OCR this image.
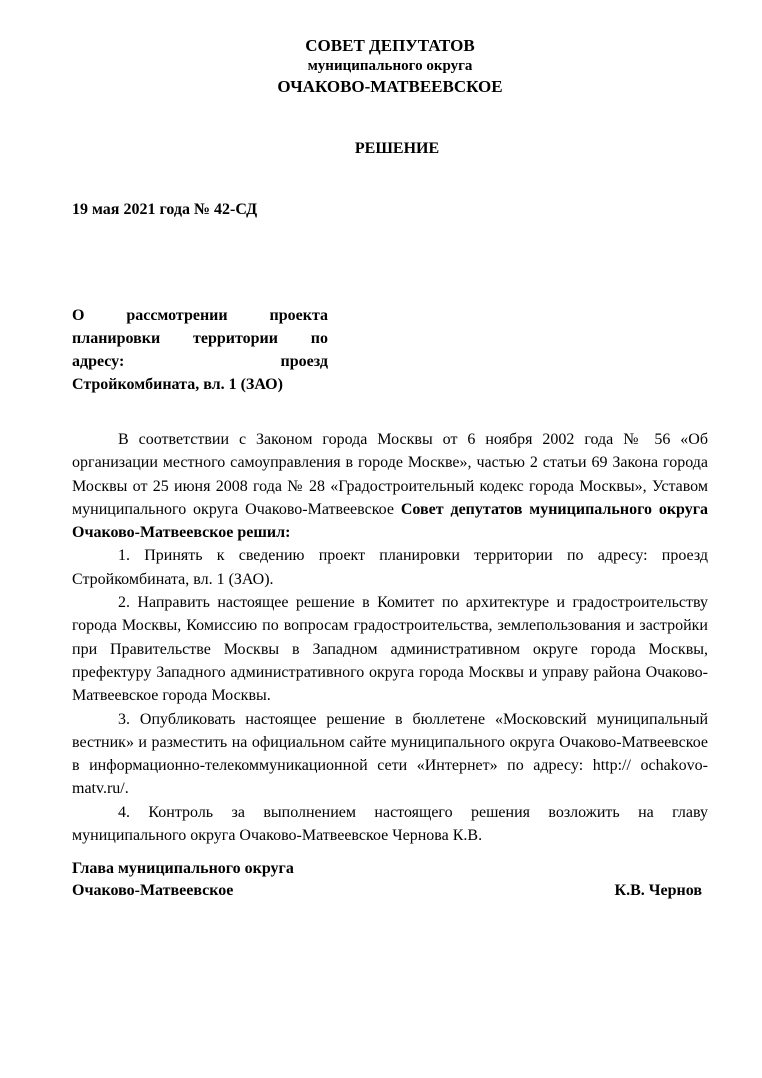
СОВЕТ ДЕПУТАТОВ
муниципального округа
ОЧАКОВО-МАТВЕЕВСКОЕ
РЕШЕНИЕ
19 мая 2021 года № 42-СД
О рассмотрении проекта
планировки территории по
адресу: проезд
Стройкомбината, вл. 1 (ЗАО)

В соответствии с Законом города Москвы от 6 ноября 2002 года № 56 «Об организации местного самоуправления в городе Москве», частью 2 статьи 69 Закона города Москвы от 25 июня 2008 года № 28 «Градостроительный кодекс города Москвы», Уставом муниципального округа Очаково-Матвеевское Совет депутатов муниципального округа Очаково-Матвеевское решил:

1. Принять к сведению проект планировки территории по адресу: проезд Стройкомбината, вл. 1 (ЗАО).

2. Направить настоящее решение в Комитет по архитектуре и градостроительству города Москвы, Комиссию по вопросам градостроительства, землепользования и застройки при Правительстве Москвы в Западном административном округе города Москвы, префектуру Западного административного округа города Москвы и управу района Очаково-Матвеевское города Москвы.

3. Опубликовать настоящее решение в бюллетене «Московский муниципальный вестник» и разместить на официальном сайте муниципального округа Очаково-Матвеевское в информационно-телекоммуникационной сети «Интернет» по адресу: http:// ochakovo-matv.ru/.

4. Контроль за выполнением настоящего решения возложить на главу муниципального округа Очаково-Матвеевское Чернова К.В.

Глава муниципального округа
Очаково-Матвеевское	К.В. Чернов
